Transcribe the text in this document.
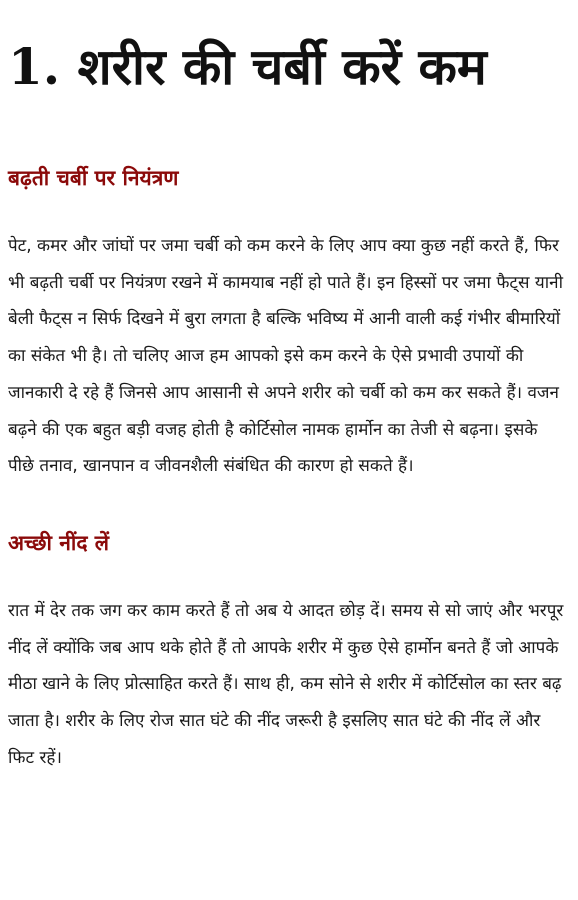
1. शरीर की चर्बी करें कम
बढ़ती चर्बी पर नियंत्रण

पेट, कमर और जांघों पर जमा चर्बी को कम करने के लिए आप क्या कुछ नहीं करते हैं, फिर भी बढ़ती चर्बी पर नियंत्रण रखने में कामयाब नहीं हो पाते हैं। इन हिस्सों पर जमा फैट्स यानी बेली फैट्स न सिर्फ दिखने में बुरा लगता है बल्कि भविष्य में आनी वाली कई गंभीर बीमारियों का संकेत भी है। तो चलिए आज हम आपको इसे कम करने के ऐसे प्रभावी उपायों की जानकारी दे रहे हैं जिनसे आप आसानी से अपने शरीर को चर्बी को कम कर सकते हैं। वजन बढ़ने की एक बहुत बड़ी वजह होती है कोर्टिसोल नामक हार्मोन का तेजी से बढ़ना। इसके पीछे तनाव, खानपान व जीवनशैली संबंधित की कारण हो सकते हैं।

अच्छी नींद लें

रात में देर तक जग कर काम करते हैं तो अब ये आदत छोड़ दें। समय से सो जाएं और भरपूर नींद लें क्योंकि जब आप थके होते हैं तो आपके शरीर में कुछ ऐसे हार्मोन बनते हैं जो आपके मीठा खाने के लिए प्रोत्साहित करते हैं। साथ ही, कम सोने से शरीर में कोर्टिसोल का स्तर बढ़ जाता है। शरीर के लिए रोज सात घंटे की नींद जरूरी है इसलिए सात घंटे की नींद लें और फिट रहें।
